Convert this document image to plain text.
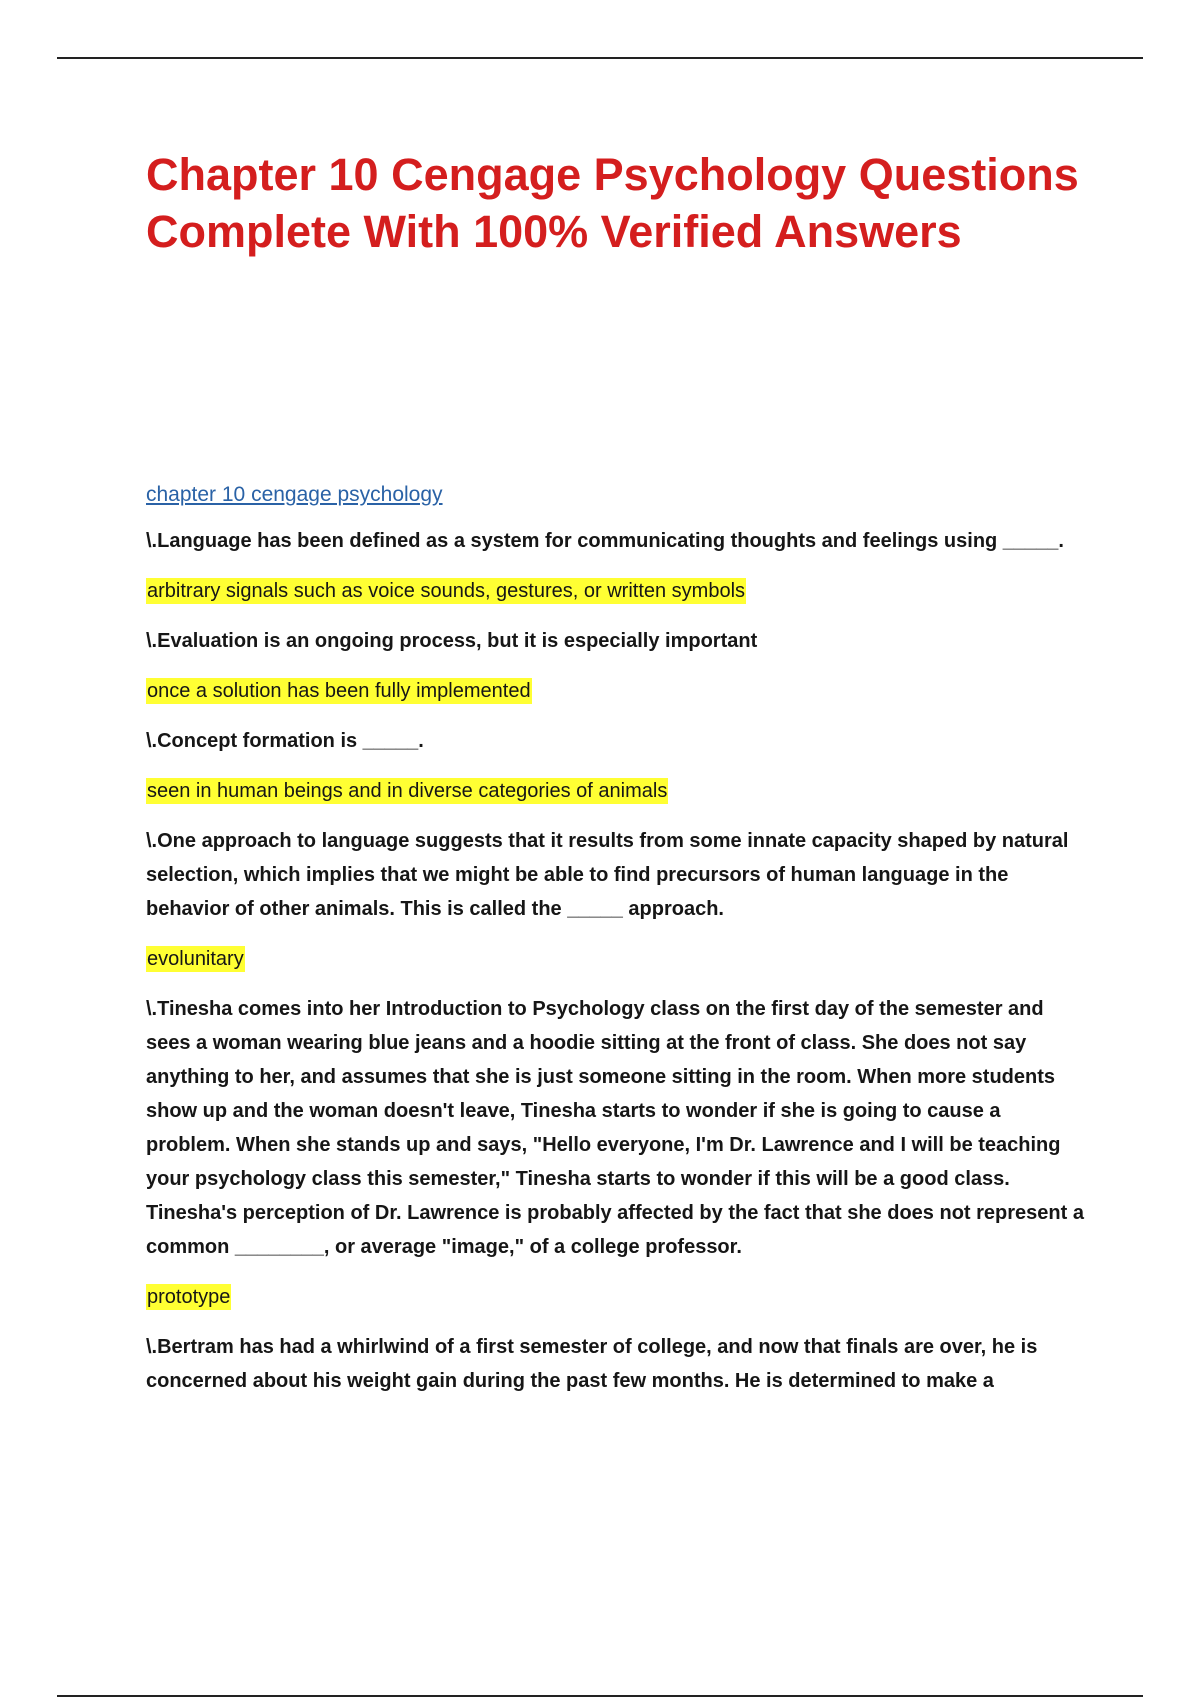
Chapter 10 Cengage Psychology Questions Complete With 100% Verified Answers
chapter 10 cengage psychology

\.Language has been defined as a system for communicating thoughts and feelings using _____.

arbitrary signals such as voice sounds, gestures, or written symbols

\.Evaluation is an ongoing process, but it is especially important

once a solution has been fully implemented

\.Concept formation is _____.

seen in human beings and in diverse categories of animals

\.One approach to language suggests that it results from some innate capacity shaped by natural selection, which implies that we might be able to find precursors of human language in the behavior of other animals. This is called the _____ approach.

evolunitary

\.Tinesha comes into her Introduction to Psychology class on the first day of the semester and sees a woman wearing blue jeans and a hoodie sitting at the front of class. She does not say anything to her, and assumes that she is just someone sitting in the room. When more students show up and the woman doesn't leave, Tinesha starts to wonder if she is going to cause a problem. When she stands up and says, "Hello everyone, I'm Dr. Lawrence and I will be teaching your psychology class this semester," Tinesha starts to wonder if this will be a good class. Tinesha's perception of Dr. Lawrence is probably affected by the fact that she does not represent a common ________, or average "image," of a college professor.

prototype

\.Bertram has had a whirlwind of a first semester of college, and now that finals are over, he is concerned about his weight gain during the past few months. He is determined to make a
